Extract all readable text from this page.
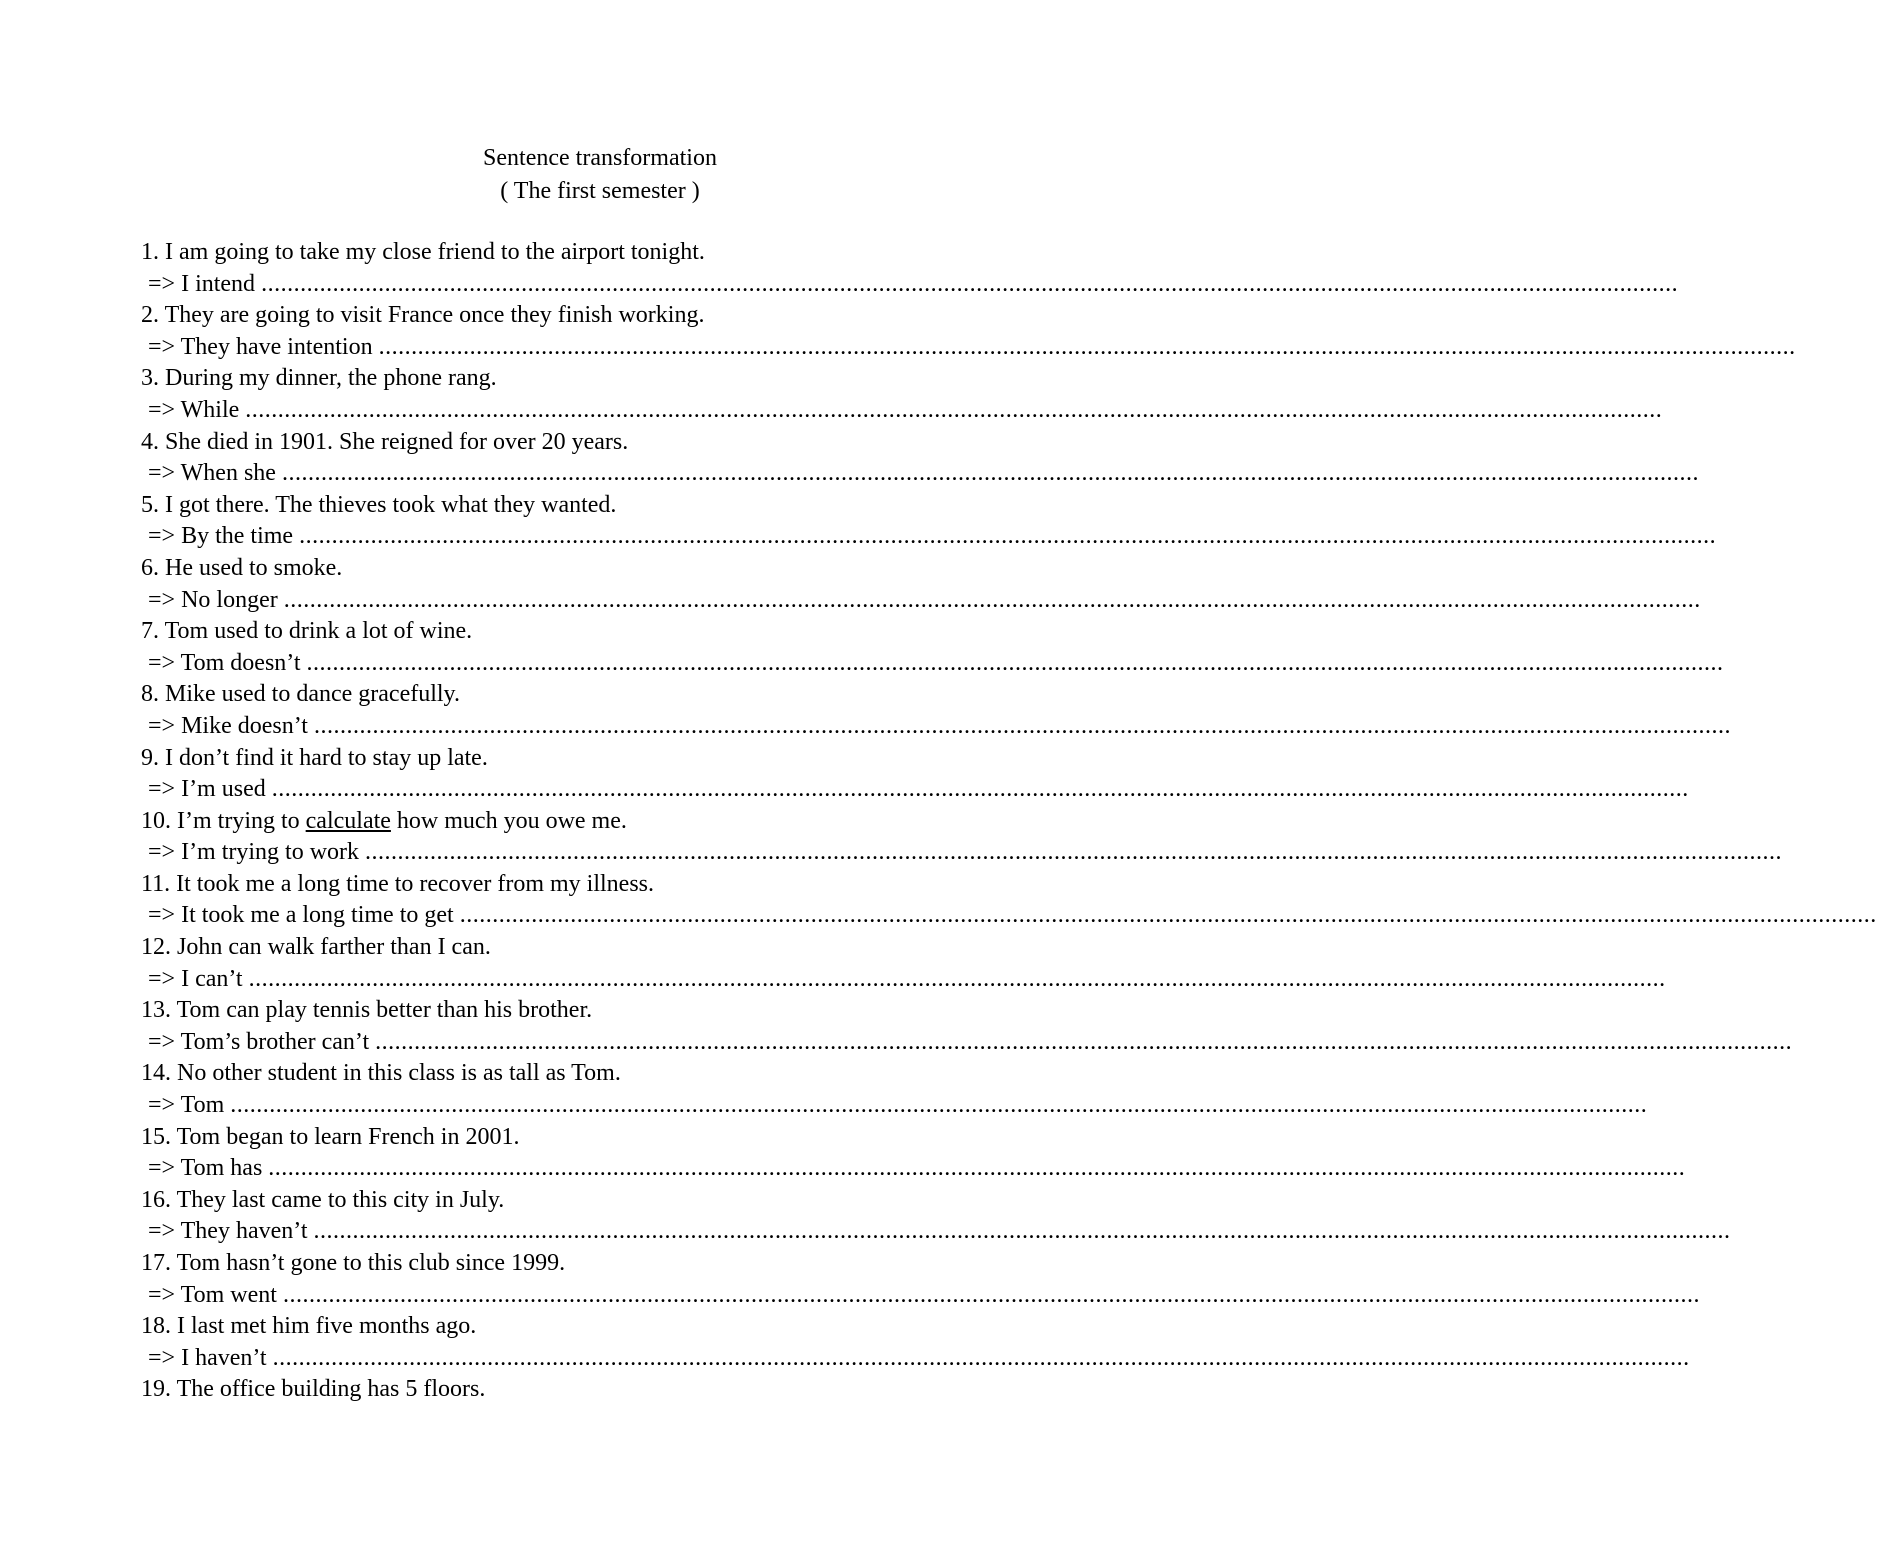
Sentence transformation
( The first semester )
1. I am going to take my close friend to the airport tonight.
=> I intend ..........................................................................................................................................................................................................................
2. They are going to visit France once they finish working.
=> They have intention ..........................................................................................................................................................................................................................
3. During my dinner, the phone rang.
=> While ..........................................................................................................................................................................................................................
4. She died in 1901. She reigned for over 20 years.
=> When she ..........................................................................................................................................................................................................................
5. I got there. The thieves took what they wanted.
=> By the time ..........................................................................................................................................................................................................................
6. He used to smoke.
=> No longer ..........................................................................................................................................................................................................................
7. Tom used to drink a lot of wine.
=> Tom doesn’t ..........................................................................................................................................................................................................................
8. Mike used to dance gracefully.
=> Mike doesn’t ..........................................................................................................................................................................................................................
9. I don’t find it hard to stay up late.
=> I’m used ..........................................................................................................................................................................................................................
10. I’m trying to calculate how much you owe me.
=> I’m trying to work ..........................................................................................................................................................................................................................
11. It took me a long time to recover from my illness.
=> It took me a long time to get ..........................................................................................................................................................................................................................
12. John can walk farther than I can.
=> I can’t ..........................................................................................................................................................................................................................
13. Tom can play tennis better than his brother.
=> Tom’s brother can’t ..........................................................................................................................................................................................................................
14. No other student in this class is as tall as Tom.
=> Tom ..........................................................................................................................................................................................................................
15. Tom began to learn French in 2001.
=> Tom has ..........................................................................................................................................................................................................................
16. They last came to this city in July.
=> They haven’t ..........................................................................................................................................................................................................................
17. Tom hasn’t gone to this club since 1999.
=> Tom went ..........................................................................................................................................................................................................................
18. I last met him five months ago.
=> I haven’t ..........................................................................................................................................................................................................................
19. The office building has 5 floors.
